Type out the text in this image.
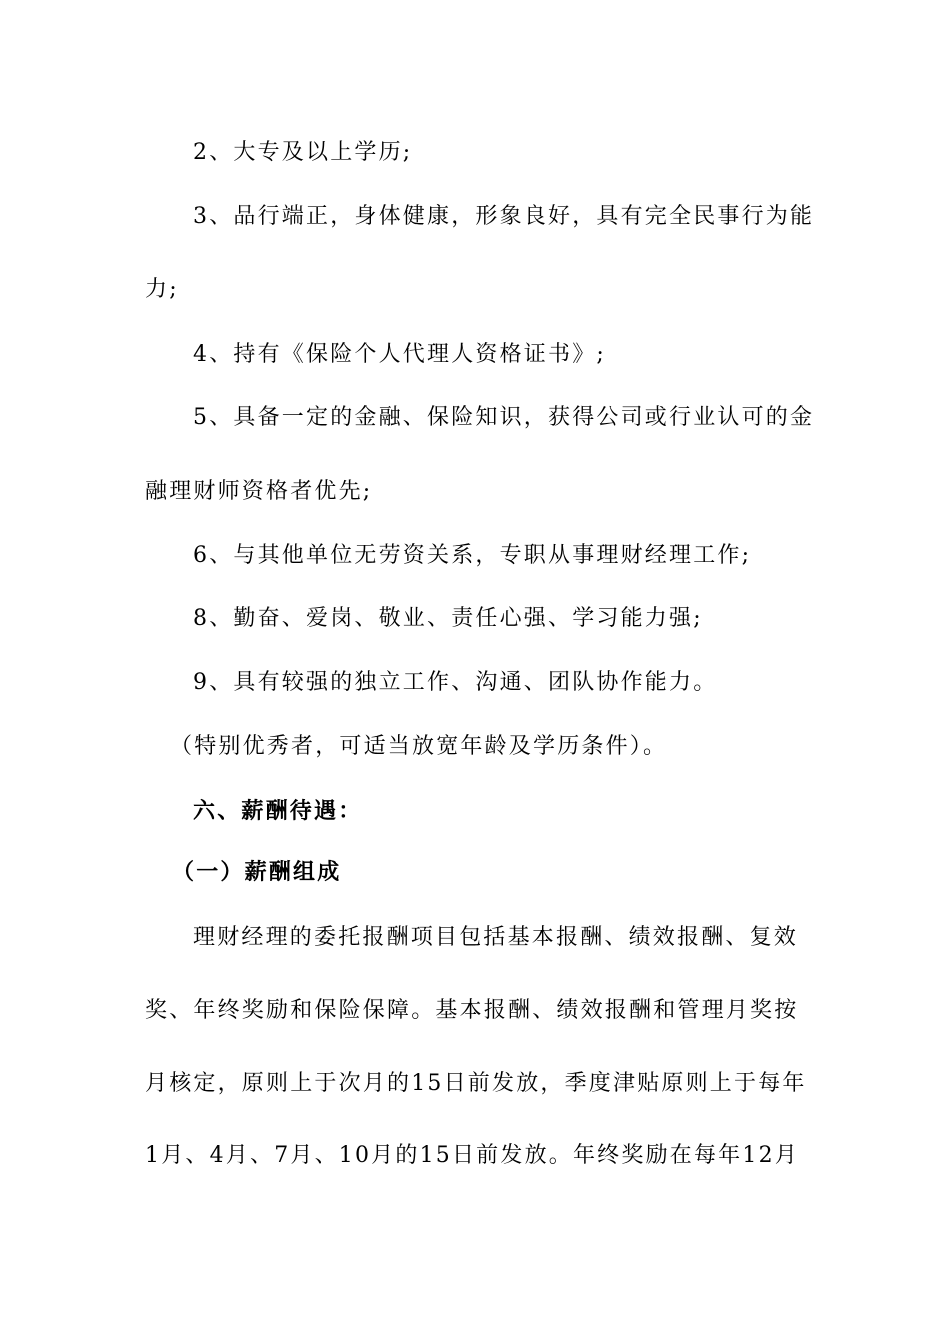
2、大专及以上学历;
3、品行端正，身体健康，形象良好，具有完全民事行为能
力;
4、持有《保险个人代理人资格证书》;
5、具备一定的金融、保险知识，获得公司或行业认可的金
融理财师资格者优先;
6、与其他单位无劳资关系，专职从事理财经理工作;
8、勤奋、爱岗、敬业、责任心强、学习能力强;
9、具有较强的独立工作、沟通、团队协作能力。
（特别优秀者，可适当放宽年龄及学历条件）。
六、薪酬待遇：
（一）薪酬组成
理财经理的委托报酬项目包括基本报酬、绩效报酬、复效
奖、年终奖励和保险保障。基本报酬、绩效报酬和管理月奖按
月核定，原则上于次月的15日前发放，季度津贴原则上于每年
1月、4月、7月、10月的15日前发放。年终奖励在每年12月
